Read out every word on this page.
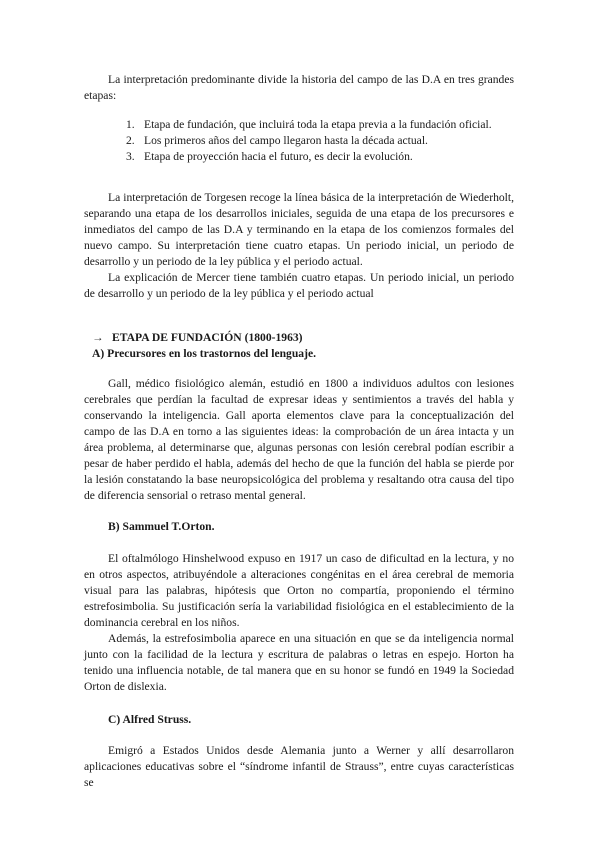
La interpretación predominante divide la historia del campo de las D.A en tres grandes etapas:

1. Etapa de fundación, que incluirá toda la etapa previa a la fundación oficial.
2. Los primeros años del campo llegaron hasta la década actual.
3. Etapa de proyección hacia el futuro, es decir la evolución.

La interpretación de Torgesen recoge la línea básica de la interpretación de Wiederholt, separando una etapa de los desarrollos iniciales, seguida de una etapa de los precursores e inmediatos del campo de las D.A y terminando en la etapa de los comienzos formales del nuevo campo. Su interpretación tiene cuatro etapas. Un periodo inicial, un periodo de desarrollo y un periodo de la ley pública y el periodo actual.

La explicación de Mercer tiene también cuatro etapas. Un periodo inicial, un periodo de desarrollo y un periodo de la ley pública y el periodo actual

→ ETAPA DE FUNDACIÓN (1800-1963)
A) Precursores en los trastornos del lenguaje.

Gall, médico fisiológico alemán, estudió en 1800 a individuos adultos con lesiones cerebrales que perdían la facultad de expresar ideas y sentimientos a través del habla y conservando la inteligencia. Gall aporta elementos clave para la conceptualización del campo de las D.A en torno a las siguientes ideas: la comprobación de un área intacta y un área problema, al determinarse que, algunas personas con lesión cerebral podían escribir a pesar de haber perdido el habla, además del hecho de que la función del habla se pierde por la lesión constatando la base neuropsicológica del problema y resaltando otra causa del tipo de diferencia sensorial o retraso mental general.

B) Sammuel T.Orton.

El oftalmólogo Hinshelwood expuso en 1917 un caso de dificultad en la lectura, y no en otros aspectos, atribuyéndole a alteraciones congénitas en el área cerebral de memoria visual para las palabras, hipótesis que Orton no compartía, proponiendo el término estrefosimbolia. Su justificación sería la variabilidad fisiológica en el establecimiento de la dominancia cerebral en los niños.

Además, la estrefosimbolia aparece en una situación en que se da inteligencia normal junto con la facilidad de la lectura y escritura de palabras o letras en espejo. Horton ha tenido una influencia notable, de tal manera que en su honor se fundó en 1949 la Sociedad Orton de dislexia.

C) Alfred Struss.

Emigró a Estados Unidos desde Alemania junto a Werner y allí desarrollaron aplicaciones educativas sobre el “síndrome infantil de Strauss”, entre cuyas características se
